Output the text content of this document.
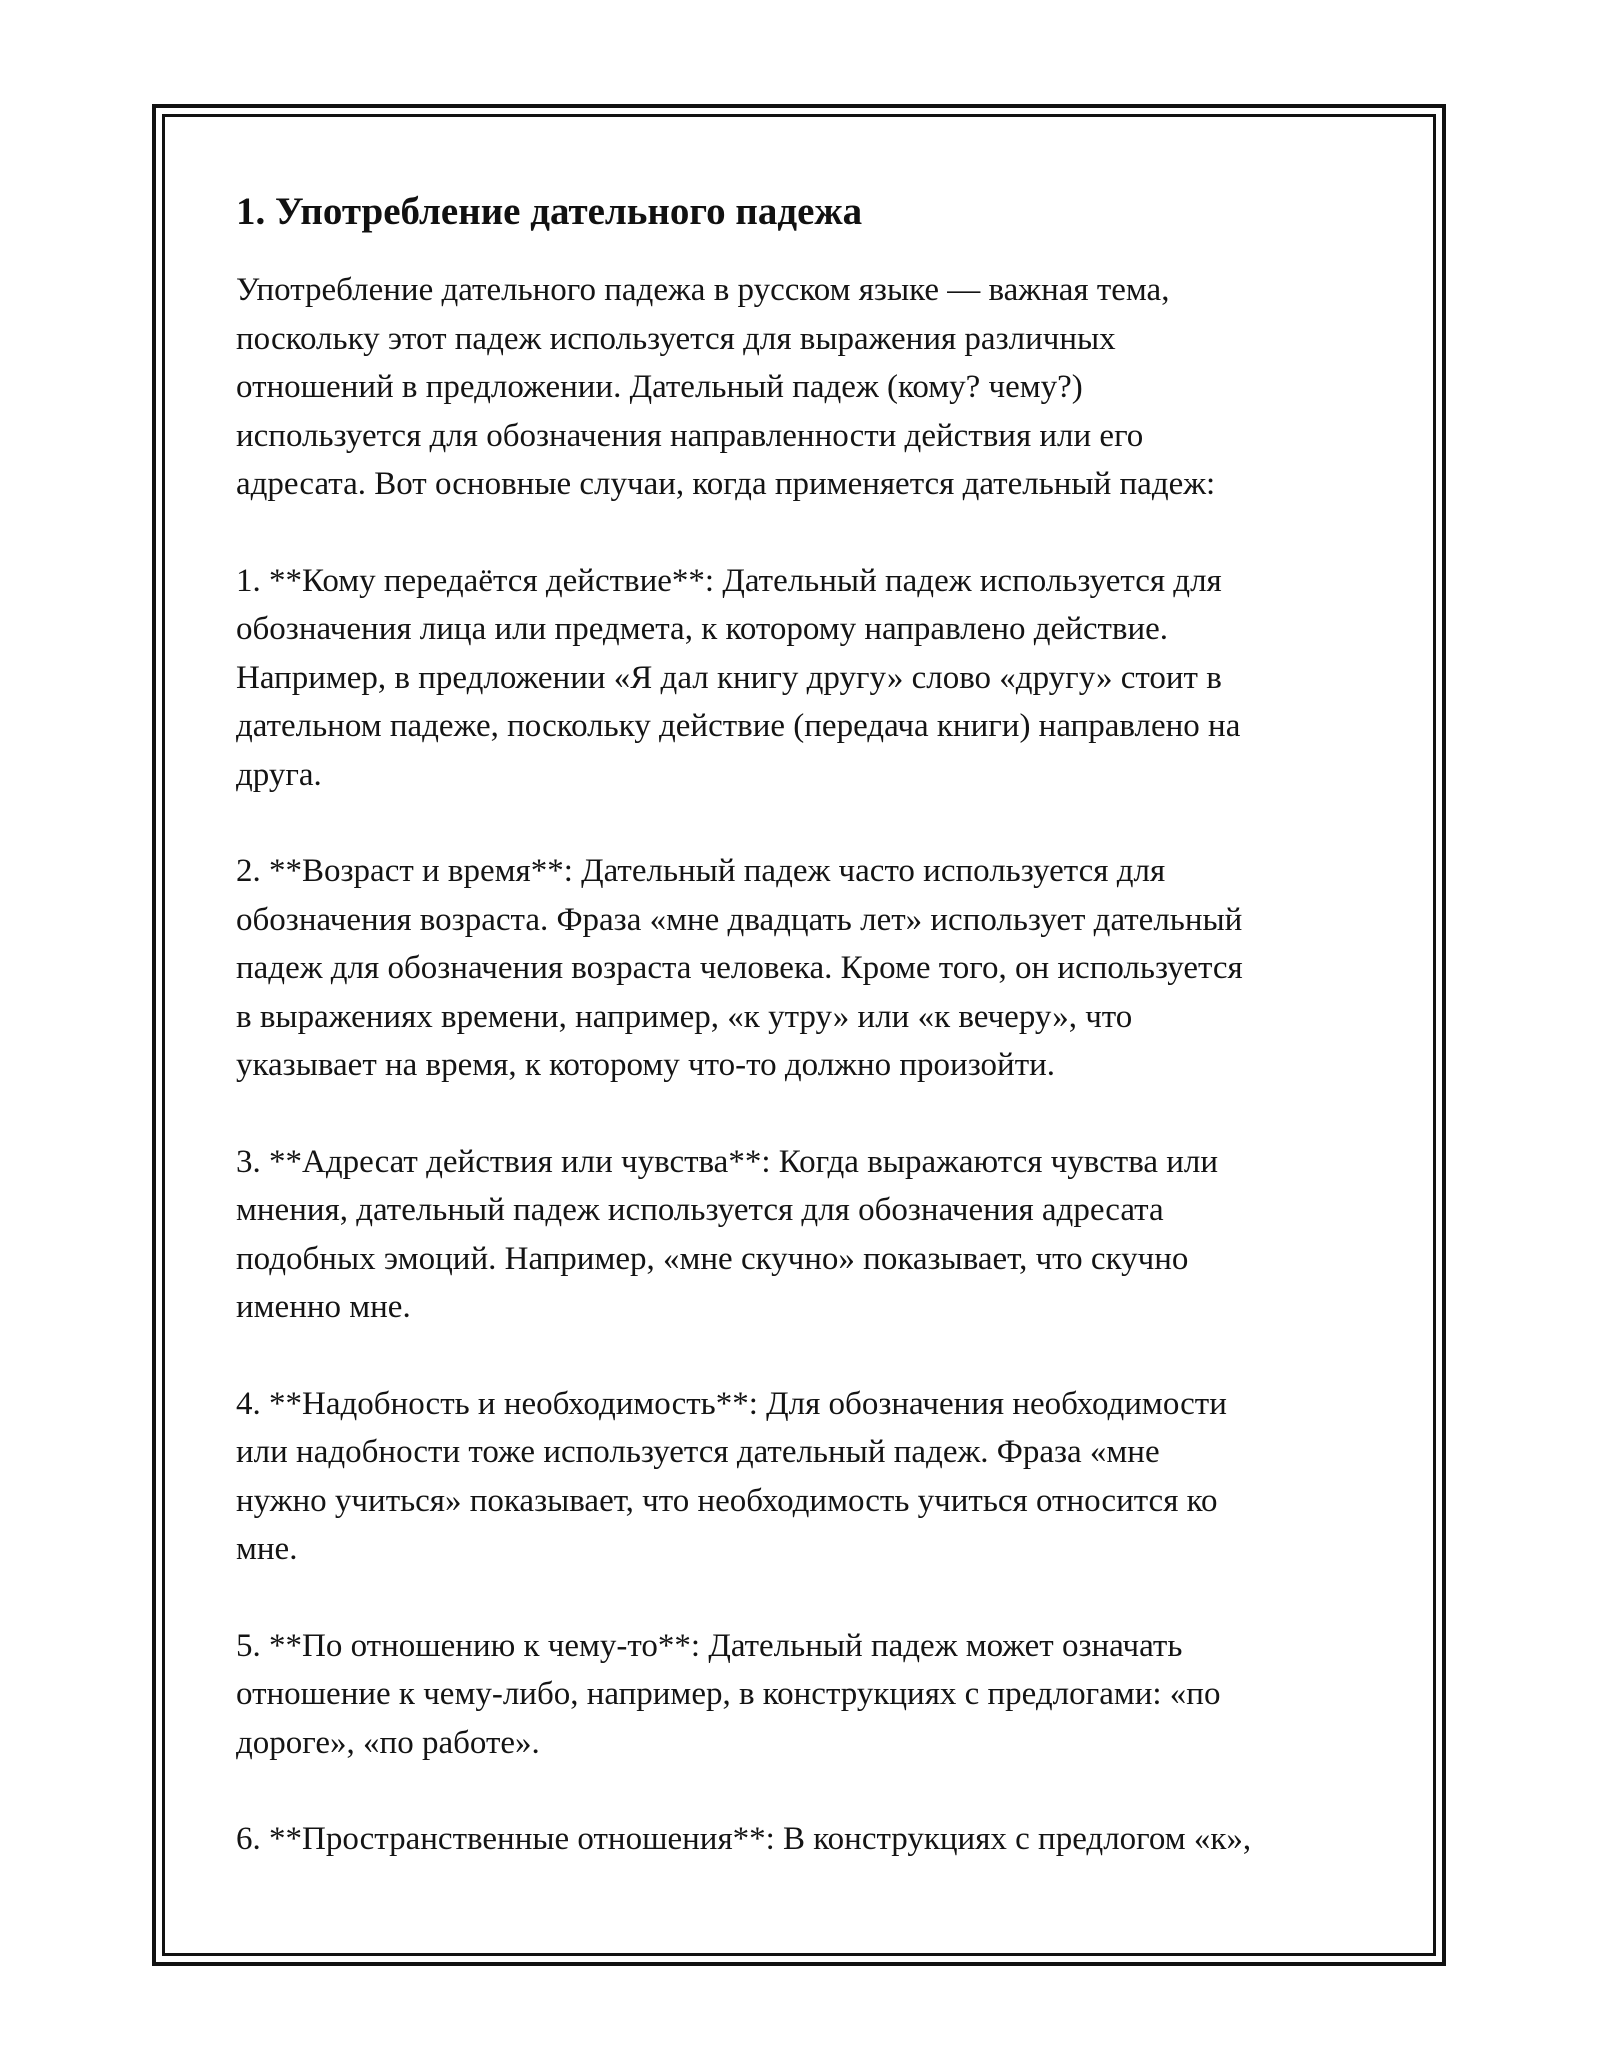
1. Употребление дательного падежа

Употребление дательного падежа в русском языке — важная тема,
поскольку этот падеж используется для выражения различных
отношений в предложении. Дательный падеж (кому? чему?)
используется для обозначения направленности действия или его
адресата. Вот основные случаи, когда применяется дательный падеж:

1. **Кому передаётся действие**: Дательный падеж используется для
обозначения лица или предмета, к которому направлено действие.
Например, в предложении «Я дал книгу другу» слово «другу» стоит в
дательном падеже, поскольку действие (передача книги) направлено на
друга.

2. **Возраст и время**: Дательный падеж часто используется для
обозначения возраста. Фраза «мне двадцать лет» использует дательный
падеж для обозначения возраста человека. Кроме того, он используется
в выражениях времени, например, «к утру» или «к вечеру», что
указывает на время, к которому что-то должно произойти.

3. **Адресат действия или чувства**: Когда выражаются чувства или
мнения, дательный падеж используется для обозначения адресата
подобных эмоций. Например, «мне скучно» показывает, что скучно
именно мне.

4. **Надобность и необходимость**: Для обозначения необходимости
или надобности тоже используется дательный падеж. Фраза «мне
нужно учиться» показывает, что необходимость учиться относится ко
мне.

5. **По отношению к чему-то**: Дательный падеж может означать
отношение к чему-либо, например, в конструкциях с предлогами: «по
дороге», «по работе».

6. **Пространственные отношения**: В конструкциях с предлогом «к»,
